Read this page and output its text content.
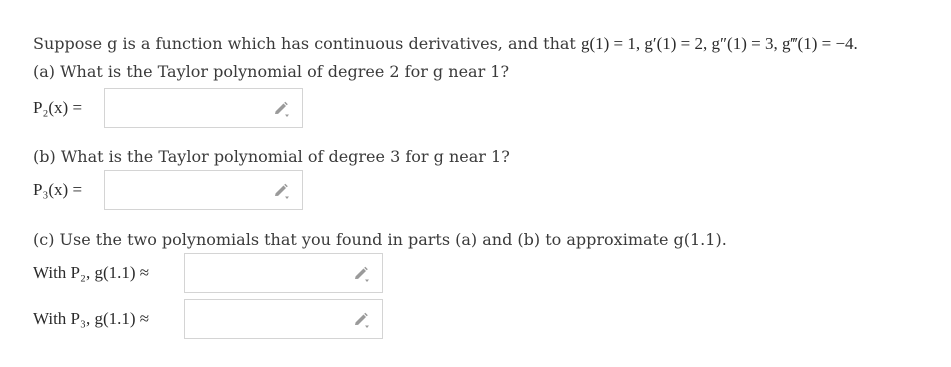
Suppose g is a function which has continuous derivatives, and that g(1) = 1, g′(1) = 2, g″(1) = 3, g‴(1) = −4.
(a) What is the Taylor polynomial of degree 2 for g near 1?
P₂(x) =
(b) What is the Taylor polynomial of degree 3 for g near 1?
P₃(x) =
(c) Use the two polynomials that you found in parts (a) and (b) to approximate g(1.1).
With P₂, g(1.1) ≈
With P₃, g(1.1) ≈
